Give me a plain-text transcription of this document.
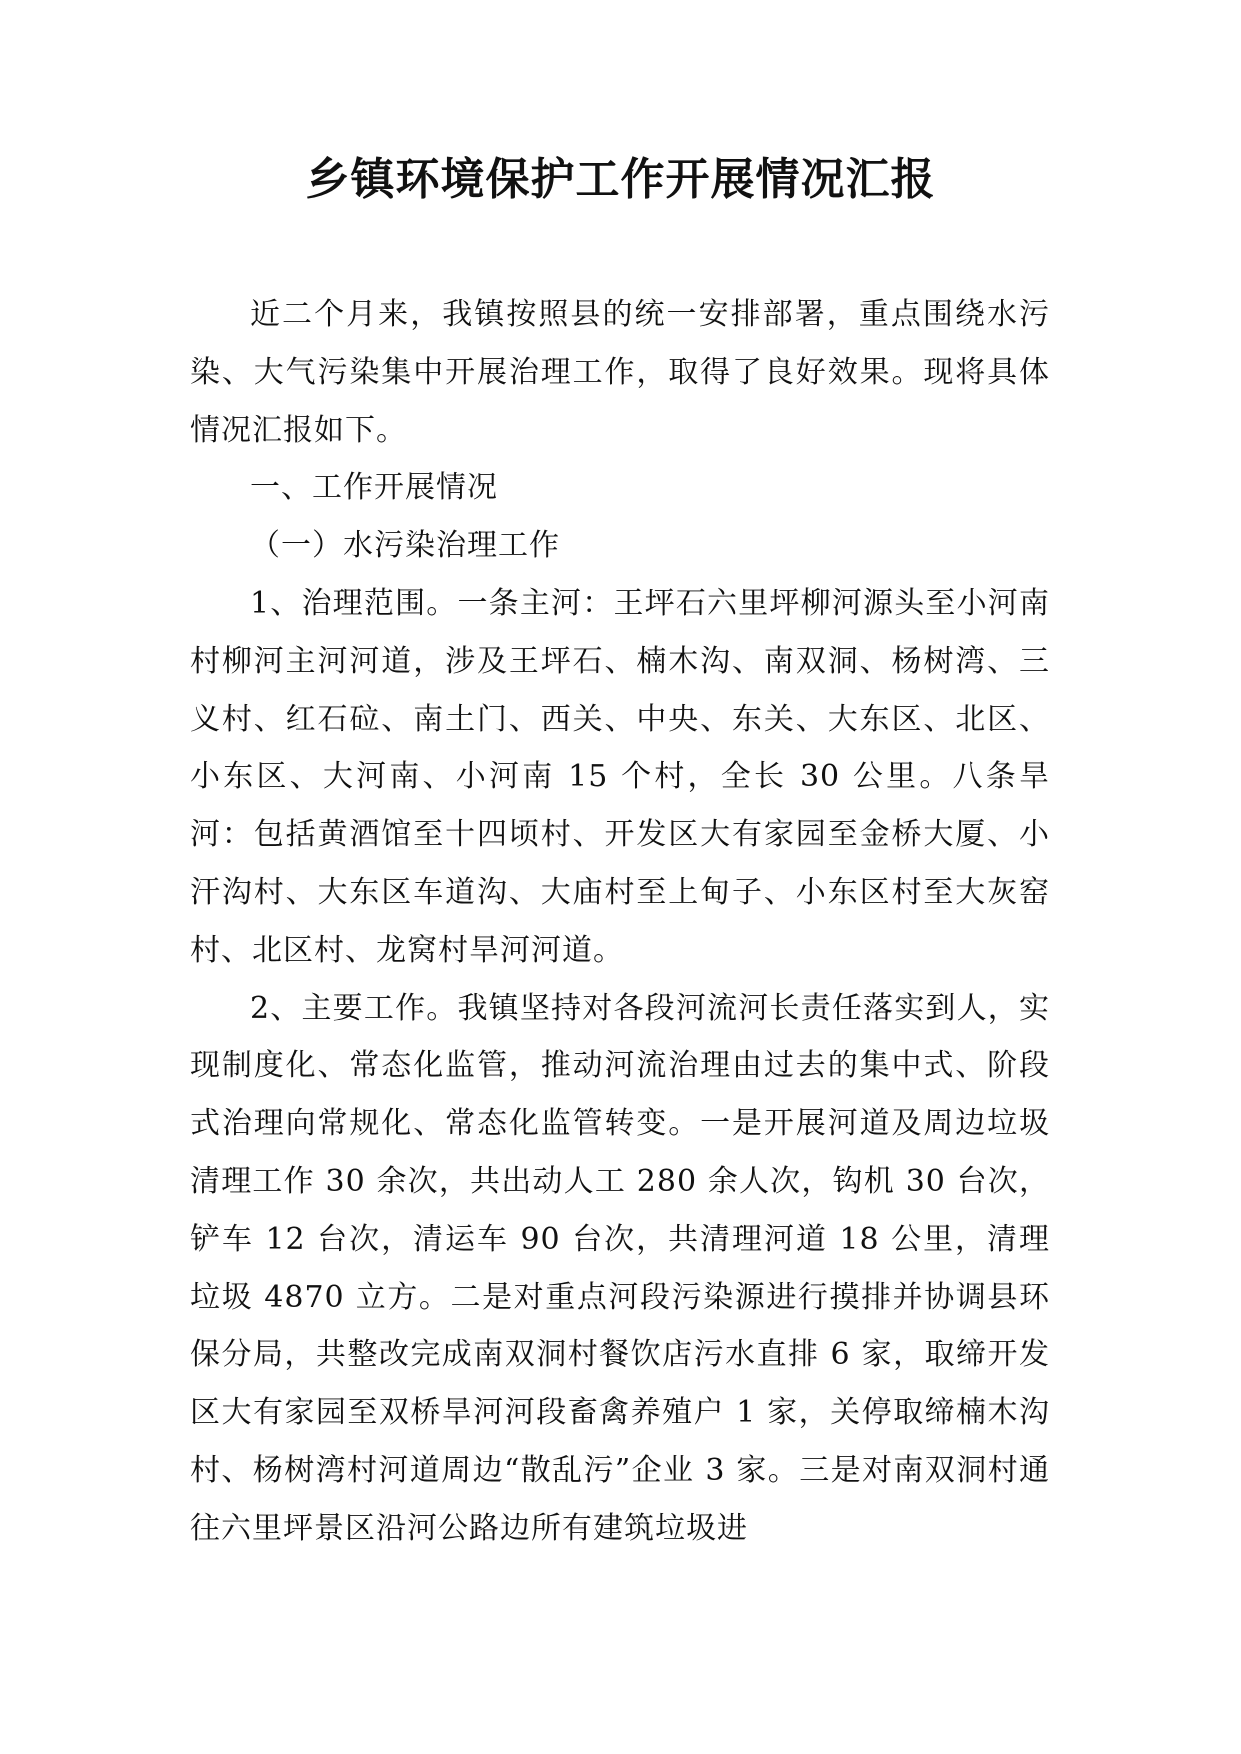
乡镇环境保护工作开展情况汇报

近二个月来，我镇按照县的统一安排部署，重点围绕水污染、大气污染集中开展治理工作，取得了良好效果。现将具体情况汇报如下。

一、工作开展情况

（一）水污染治理工作

1、治理范围。一条主河：王坪石六里坪柳河源头至小河南村柳河主河河道，涉及王坪石、楠木沟、南双洞、杨树湾、三义村、红石砬、南土门、西关、中央、东关、大东区、北区、小东区、大河南、小河南 15 个村，全长 30 公里。八条旱河：包括黄酒馆至十四顷村、开发区大有家园至金桥大厦、小汗沟村、大东区车道沟、大庙村至上甸子、小东区村至大灰窑村、北区村、龙窝村旱河河道。

2、主要工作。我镇坚持对各段河流河长责任落实到人，实现制度化、常态化监管，推动河流治理由过去的集中式、阶段式治理向常规化、常态化监管转变。一是开展河道及周边垃圾清理工作 30 余次，共出动人工 280 余人次，钩机 30 台次，铲车 12 台次，清运车 90 台次，共清理河道 18 公里，清理垃圾 4870 立方。二是对重点河段污染源进行摸排并协调县环保分局，共整改完成南双洞村餐饮店污水直排 6 家，取缔开发区大有家园至双桥旱河河段畜禽养殖户 1 家，关停取缔楠木沟村、杨树湾村河道周边“散乱污”企业 3 家。三是对南双洞村通往六里坪景区沿河公路边所有建筑垃圾进
